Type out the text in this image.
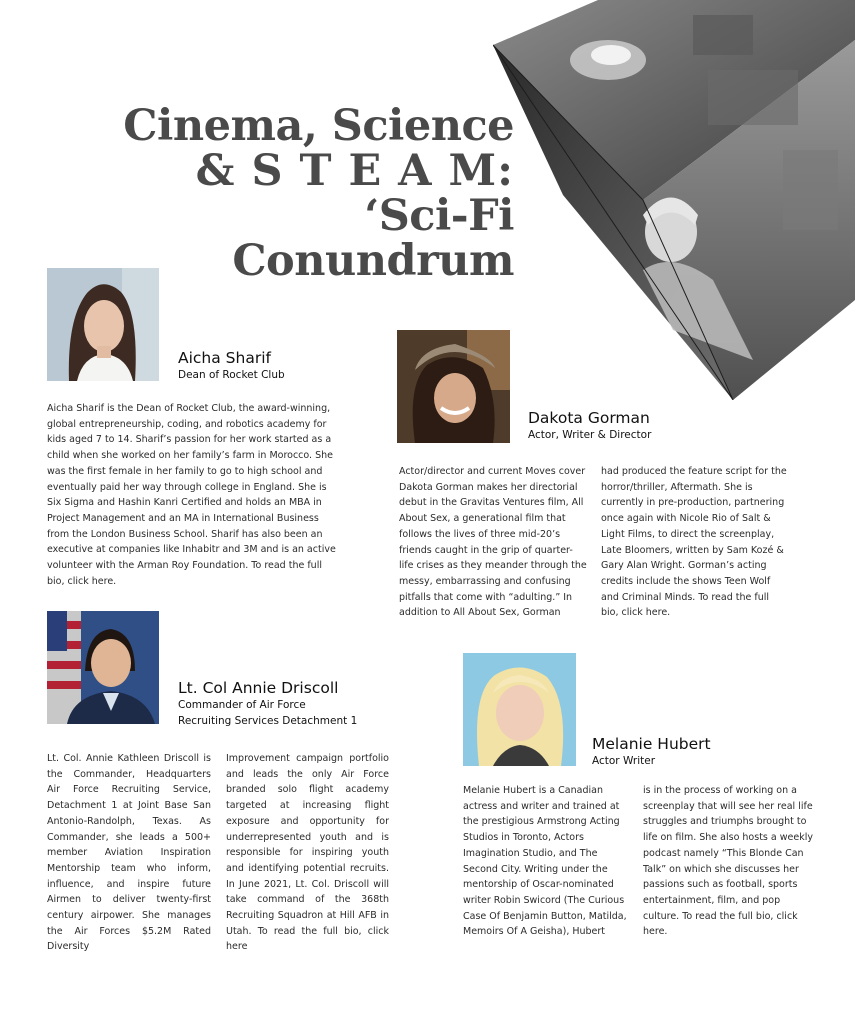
Cinema, Science
& S T E A M:
‘Sci-Fi Conundrum
Aicha Sharif
Dean of Rocket Club

Aicha Sharif is the Dean of Rocket Club, the award-winning, global entrepreneurship, coding, and robotics academy for kids aged 7 to 14. Sharif’s passion for her work started as a child when she worked on her family’s farm in Morocco. She was the first female in her family to go to high school and eventually paid her way through college in England. She is Six Sigma and Hashin Kanri Certified and holds an MBA in Project Management and an MA in International Business from the London Business School. Sharif has also been an executive at companies like Inhabitr and 3M and is an active volunteer with the Arman Roy Foundation. To read the full bio, click here.

Dakota Gorman
Actor, Writer & Director

Actor/director and current Moves cover Dakota Gorman makes her directorial debut in the Gravitas Ventures film, All About Sex, a generational film that follows the lives of three mid-20’s friends caught in the grip of quarter-life crises as they meander through the messy, embarrassing and confusing pitfalls that come with “adulting.” In addition to All About Sex, Gorman

had produced the feature script for the horror/thriller, Aftermath. She is currently in pre-production, partnering once again with Nicole Rio of Salt & Light Films, to direct the screenplay, Late Bloomers, written by Sam Kozé & Gary Alan Wright. Gorman’s acting credits include the shows Teen Wolf and Criminal Minds. To read the full bio, click here.

Lt. Col Annie Driscoll
Commander of Air Force
Recruiting Services Detachment 1

Lt. Col. Annie Kathleen Driscoll is the Commander, Headquarters Air Force Recruiting Service, Detachment 1 at Joint Base San Antonio-Randolph, Texas. As Commander, she leads a 500+ member Aviation Inspiration Mentorship team who inform, influence, and inspire future Airmen to deliver twenty-first century airpower. She manages the Air Forces $5.2M Rated Diversity

Improvement campaign portfolio and leads the only Air Force branded solo flight academy targeted at increasing flight exposure and opportunity for underrepresented youth and is responsible for inspiring youth and identifying potential recruits. In June 2021, Lt. Col. Driscoll will take command of the 368th Recruiting Squadron at Hill AFB in Utah. To read the full bio, click here

Melanie Hubert
Actor Writer

Melanie Hubert is a Canadian actress and writer and trained at the prestigious Armstrong Acting Studios in Toronto, Actors Imagination Studio, and The Second City. Writing under the mentorship of Oscar-nominated writer Robin Swicord (The Curious Case Of Benjamin Button, Matilda, Memoirs Of A Geisha), Hubert

is in the process of working on a screenplay that will see her real life struggles and triumphs brought to life on film. She also hosts a weekly podcast namely “This Blonde Can Talk” on which she discusses her passions such as football, sports entertainment, film, and pop culture. To read the full bio, click here.
